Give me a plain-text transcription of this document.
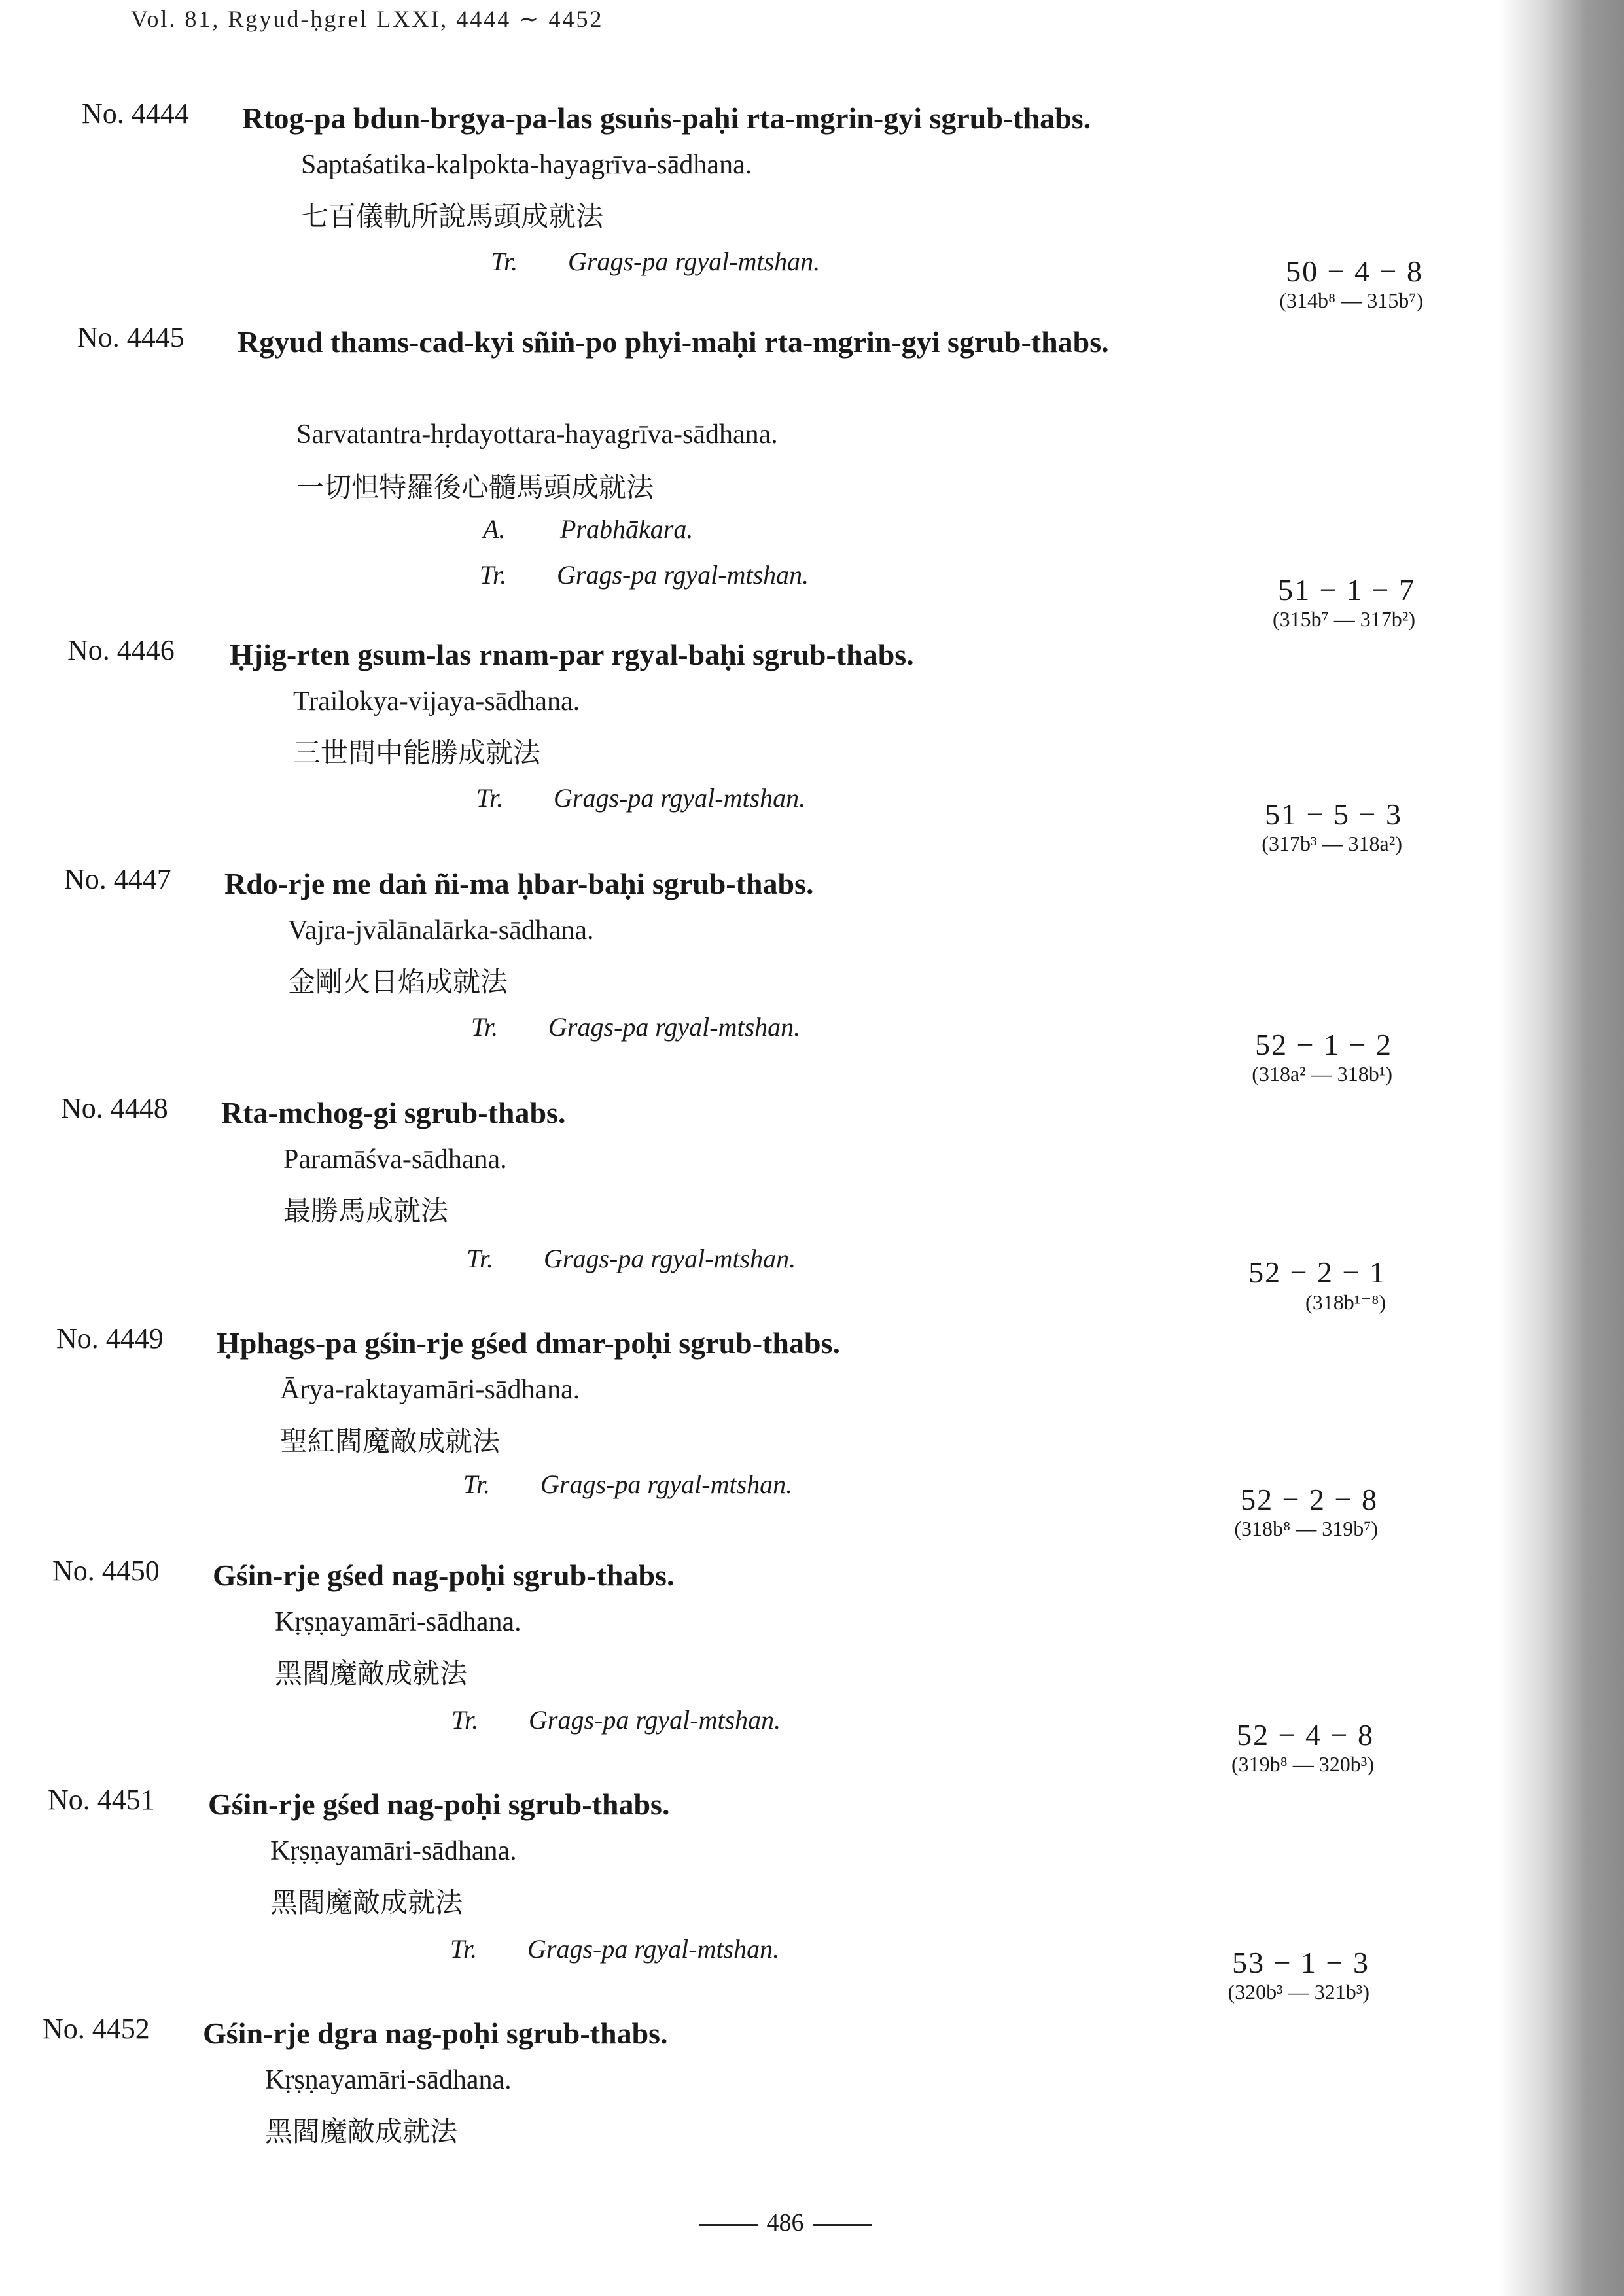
Vol. 81, Rgyud-ḥgrel LXXI, 4444 ∼ 4452
No. 4444 Rtog-pa bdun-brgya-pa-las gsuṅs-paḥi rta-mgrin-gyi sgrub-thabs.
Saptaśatika-kalpokta-hayagrīva-sādhana.
七百儀軌所說馬頭成就法
Tr. Grags-pa rgyal-mtshan.	50 − 4 − 8
(314b⁸ — 315b⁷)
No. 4445 Rgyud thams-cad-kyi sñiṅ-po phyi-maḥi rta-mgrin-gyi sgrub-thabs.
Sarvatantra-hṛdayottara-hayagrīva-sādhana.
一切怛特羅後心髓馬頭成就法
A. Prabhākara.
Tr. Grags-pa rgyal-mtshan.	51 − 1 − 7
(315b⁷ — 317b²)
No. 4446 Ḥjig-rten gsum-las rnam-par rgyal-baḥi sgrub-thabs.
Trailokya-vijaya-sādhana.
三世間中能勝成就法
Tr. Grags-pa rgyal-mtshan.	51 − 5 − 3
(317b³ — 318a²)
No. 4447 Rdo-rje me daṅ ñi-ma ḥbar-baḥi sgrub-thabs.
Vajra-jvālānalārka-sādhana.
金剛火日焰成就法
Tr. Grags-pa rgyal-mtshan.
52 − 1 − 2
(318a² — 318b¹)
No. 4448 Rta-mchog-gi sgrub-thabs.
Paramāśva-sādhana.
最勝馬成就法
Tr. Grags-pa rgyal-mtshan.	52 − 2 − 1
(318b¹⁻⁸)
No. 4449 Ḥphags-pa gśin-rje gśed dmar-poḥi sgrub-thabs.
Ārya-raktayamāri-sādhana.
聖紅閻魔敵成就法
Tr. Grags-pa rgyal-mtshan.	52 − 2 − 8
(318b⁸ — 319b⁷)
No. 4450 Gśin-rje gśed nag-poḥi sgrub-thabs.
Kṛṣṇayamāri-sādhana.
黑閻魔敵成就法
Tr. Grags-pa rgyal-mtshan.	52 − 4 − 8
(319b⁸ — 320b³)
No. 4451 Gśin-rje gśed nag-poḥi sgrub-thabs.
Kṛṣṇayamāri-sādhana.
黑閻魔敵成就法
Tr. Grags-pa rgyal-mtshan.	53 − 1 − 3
(320b³ — 321b³)
No. 4452 Gśin-rje dgra nag-poḥi sgrub-thabs.
Kṛṣṇayamāri-sādhana.
黑閻魔敵成就法
486
